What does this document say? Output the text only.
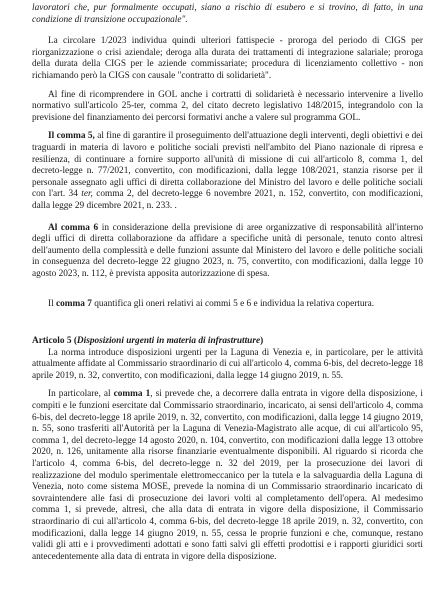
lavoratori che, pur formalmente occupati, siano a rischio di esubero e si trovino, di fatto, in una condizione di transizione occupazionale".

La circolare 1/2023 individua quindi ulteriori fattispecie - proroga del periodo di CIGS per riorganizzazione o crisi aziendale; deroga alla durata dei trattamenti di integrazione salariale; proroga della durata della CIGS per le aziende commissariate; procedura di licenziamento collettivo - non richiamando però la CIGS con causale "contratto di solidarietà".

Al fine di ricomprendere in GOL anche i cortratti di solidarietà è necessario intervenire a livello normativo sull'articolo 25-ter, comma 2, del citato decreto legislativo 148/2015, integrandolo con la previsione del finanziamento dei percorsi formativi anche a valere sul programma GOL.

Il comma 5, al fine di garantire il proseguimento dell'attuazione degli interventi, degli obiettivi e dei traguardi in materia di lavoro e politiche sociali previsti nell'ambito del Piano nazionale di ripresa e resilienza, di continuare a fornire supporto all'unità di missione di cui all'articolo 8, comma 1, del decreto-legge n. 77/2021, convertito, con modificazioni, dalla legge 108/2021, stanzia risorse per il personale assegnato agli uffici di diretta collaborazione del Ministro del lavoro e delle politiche sociali con l'art. 34 ter, comma 2, del decreto-legge 6 novembre 2021, n. 152, convertito, con modificazioni, dalla legge 29 dicembre 2021, n. 233. .

Al comma 6 in considerazione della previsione di aree organizzative di responsabilità all'interno degli uffici di diretta collaborazione da affidare a specifiche unità di personale, tenuto conto altresì dell'aumento della complessità e delle funzioni assunte dal Ministero del lavoro e delle politiche sociali in conseguenza del decreto-legge 22 giugno 2023, n. 75, convertito, con modificazioni, dalla legge 10 agosto 2023, n. 112, è prevista apposita autorizzazione di spesa.

Il comma 7 quantifica gli oneri relativi ai commi 5 e 6 e individua la relativa copertura.

Articolo 5 (Disposizioni urgenti in materia di infrastrutture)

La norma introduce disposizioni urgenti per la Laguna di Venezia e, in particolare, per le attività attualmente affidate al Commissario straordinario di cui all'articolo 4, comma 6-bis, del decreto-legge 18 aprile 2019, n. 32, convertito, con modificazioni, dalla legge 14 giugno 2019, n. 55.

In particolare, al comma 1, si prevede che, a decorrere dalla entrata in vigore della disposizione, i compiti e le funzioni esercitate dal Commissario straordinario, incaricato, ai sensi dell'articolo 4, comma 6-bis, del decreto-legge 18 aprile 2019, n. 32, convertito, con modificazioni, dalla legge 14 giugno 2019, n. 55, sono trasferiti all'Autorità per la Laguna di Venezia-Magistrato alle acque, di cui all'articolo 95, comma 1, del decreto-legge 14 agosto 2020, n. 104, convertito, con modificazioni dalla legge 13 ottobre 2020, n. 126, unitamente alla risorse finanziarie eventualmente disponibili. Al riguardo si ricorda che l'articolo 4, comma 6-bis, del decreto-legge n. 32 del 2019, per la prosecuzione dei lavori di realizzazione del modulo sperimentale elettromeccanico per la tutela e la salvaguardia della Laguna di Venezia, noto come sistema MOSE, prevede la nomina di un Commissario straordinario incaricato di sovraintendere alle fasi di prosecuzione dei lavori volti al completamento dell'opera. Al medesimo comma 1, si prevede, altresì, che alla data di entrata in vigore della disposizione, il Commissario straordinario di cui all'articolo 4, comma 6-bis, del decreto-legge 18 aprile 2019, n. 32, convertito, con modificazioni, dalla legge 14 giugno 2019, n. 55, cessa le proprie funzioni e che, comunque, restano validi gli atti e i provvedimenti adottati e sono fatti salvi gli effetti prodottisi e i rapporti giuridici sorti antecedentemente alla data di entrata in vigore della disposizione.
